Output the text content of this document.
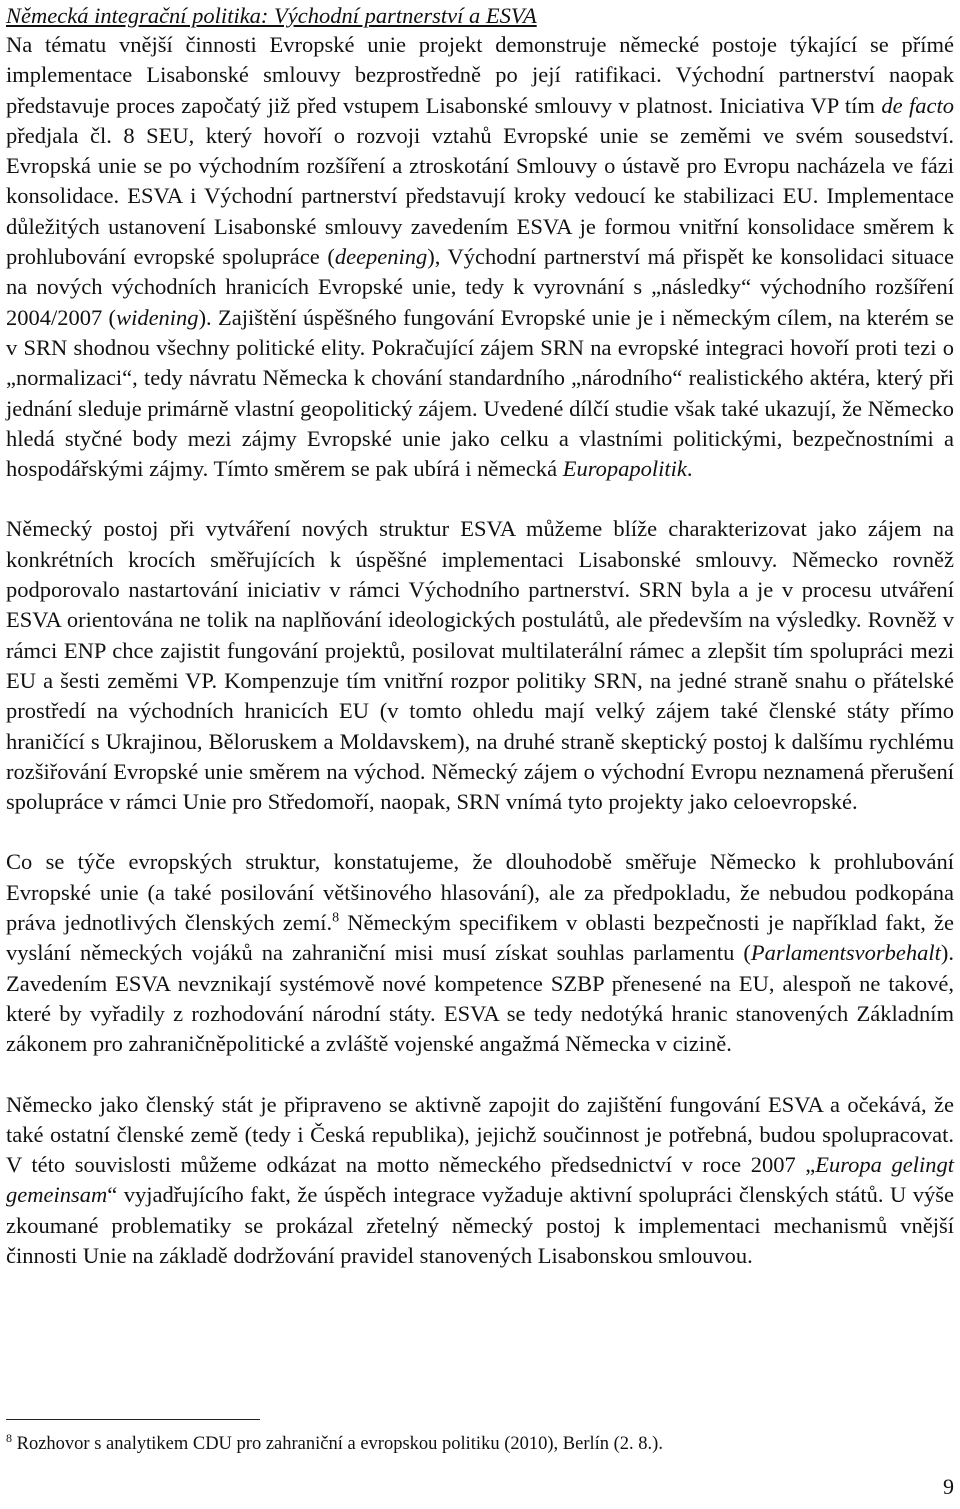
Německá integrační politika: Východní partnerství a ESVA

Na tématu vnější činnosti Evropské unie projekt demonstruje německé postoje týkající se přímé implementace Lisabonské smlouvy bezprostředně po její ratifikaci. Východní partnerství naopak představuje proces započatý již před vstupem Lisabonské smlouvy v platnost. Iniciativa VP tím de facto předjala čl. 8 SEU, který hovoří o rozvoji vztahů Evropské unie se zeměmi ve svém sousedství. Evropská unie se po východním rozšíření a ztroskotání Smlouvy o ústavě pro Evropu nacházela ve fázi konsolidace. ESVA i Východní partnerství představují kroky vedoucí ke stabilizaci EU. Implementace důležitých ustanovení Lisabonské smlouvy zavedením ESVA je formou vnitřní konsolidace směrem k prohlubování evropské spolupráce (deepening), Východní partnerství má přispět ke konsolidaci situace na nových východních hranicích Evropské unie, tedy k vyrovnání s „následky“ východního rozšíření 2004/2007 (widening). Zajištění úspěšného fungování Evropské unie je i německým cílem, na kterém se v SRN shodnou všechny politické elity. Pokračující zájem SRN na evropské integraci hovoří proti tezi o „normalizaci“, tedy návratu Německa k chování standardního „národního“ realistického aktéra, který při jednání sleduje primárně vlastní geopolitický zájem. Uvedené dílčí studie však také ukazují, že Německo hledá styčné body mezi zájmy Evropské unie jako celku a vlastními politickými, bezpečnostními a hospodářskými zájmy. Tímto směrem se pak ubírá i německá Europapolitik.

Německý postoj při vytváření nových struktur ESVA můžeme blíže charakterizovat jako zájem na konkrétních krocích směřujících k úspěšné implementaci Lisabonské smlouvy. Německo rovněž podporovalo nastartování iniciativ v rámci Východního partnerství. SRN byla a je v procesu utváření ESVA orientována ne tolik na naplňování ideologických postulátů, ale především na výsledky. Rovněž v rámci ENP chce zajistit fungování projektů, posilovat multilaterální rámec a zlepšit tím spolupráci mezi EU a šesti zeměmi VP. Kompenzuje tím vnitřní rozpor politiky SRN, na jedné straně snahu o přátelské prostředí na východních hranicích EU (v tomto ohledu mají velký zájem také členské státy přímo hraničící s Ukrajinou, Běloruskem a Moldavskem), na druhé straně skeptický postoj k dalšímu rychlému rozšiřování Evropské unie směrem na východ. Německý zájem o východní Evropu neznamená přerušení spolupráce v rámci Unie pro Středomoří, naopak, SRN vnímá tyto projekty jako celoevropské.

Co se týče evropských struktur, konstatujeme, že dlouhodobě směřuje Německo k prohlubování Evropské unie (a také posilování většinového hlasování), ale za předpokladu, že nebudou podkopána práva jednotlivých členských zemí.$^8$ Německým specifikem v oblasti bezpečnosti je například fakt, že vyslání německých vojáků na zahraniční misi musí získat souhlas parlamentu (Parlamentsvorbehalt). Zavedením ESVA nevznikají systémově nové kompetence SZBP přenesené na EU, alespoň ne takové, které by vyřadily z rozhodování národní státy. ESVA se tedy nedotýká hranic stanovených Základním zákonem pro zahraničněpolitické a zvláště vojenské angažmá Německa v cizině.

Německo jako členský stát je připraveno se aktivně zapojit do zajištění fungování ESVA a očekává, že také ostatní členské země (tedy i Česká republika), jejichž součinnost je potřebná, budou spolupracovat. V této souvislosti můžeme odkázat na motto německého předsednictví v roce 2007 „Europa gelingt gemeinsam“ vyjadřujícího fakt, že úspěch integrace vyžaduje aktivní spolupráci členských států. U výše zkoumané problematiky se prokázal zřetelný německý postoj k implementaci mechanismů vnější činnosti Unie na základě dodržování pravidel stanovených Lisabonskou smlouvou.

$^8$ Rozhovor s analytikem CDU pro zahraniční a evropskou politiku (2010), Berlín (2. 8.).
9
